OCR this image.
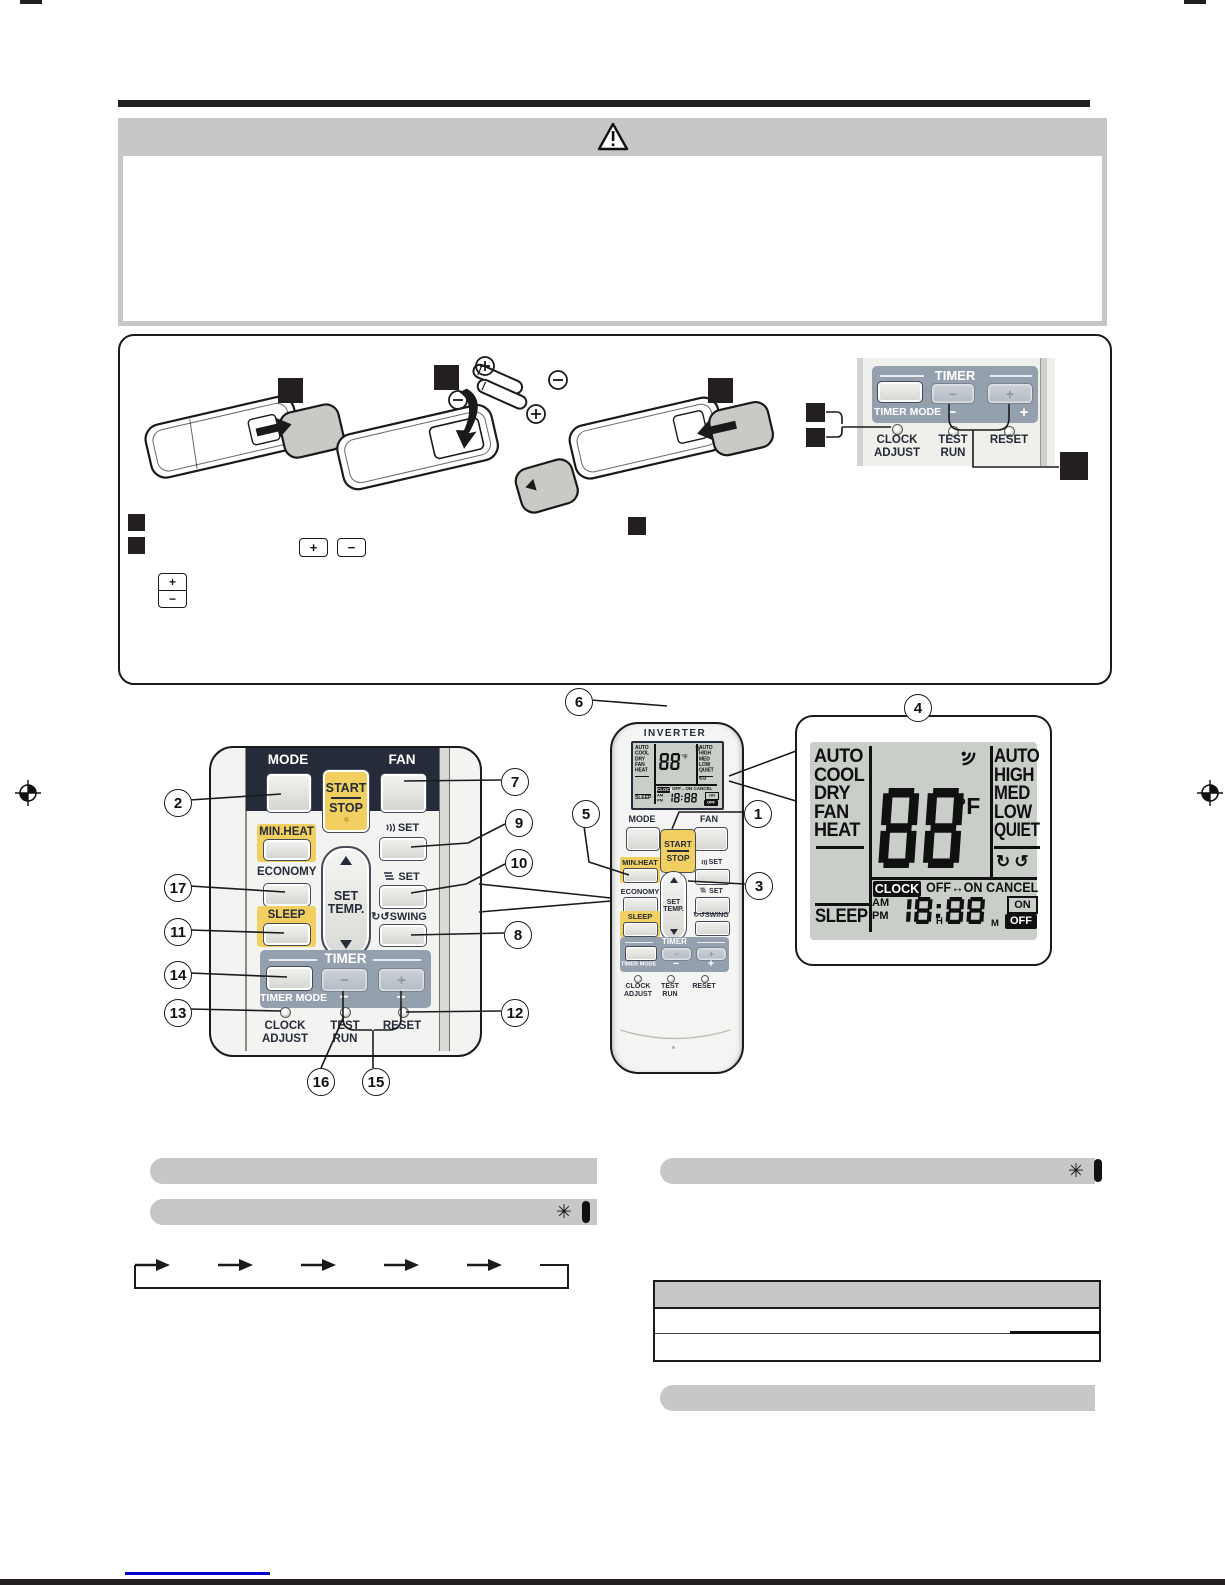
TIMER
−	+
TIMER MODE −	+
CLOCK
ADJUST
TEST
RUN
RESET
+ −
+
−
MODE	FAN
START
STOP
MIN.HEAT
ECONOMY
SLEEP
SET
TEMP.
SET
SET
↻↺SWING
TIMER
−	+
TIMER MODE −	+
CLOCK
ADJUST
TEST
RUN
RESET
2
17
11
14
13
7
9
10
8
12
16	15
6
5	1
3
4
INVERTER
AUTO
COOL
DRY
FAN
HEAT
SLEEP
°F
AUTO
HIGH
MED
LOW
QUIET
↻↺
CLOCK OFF↔ON CANCEL
AM
PM
ON
OFF
MODE	FAN
START
STOP
MIN.HEAT
ECONOMY
SLEEP
SET
TEMP.
SET
SET
↻↺SWING
TIMER
−	+
TIMER MODE	−	+
CLOCK
ADJUST
TEST
RUN
RESET
AUTO
COOL
DRY
FAN
HEAT
SLEEP
°F
AUTO
HIGH
MED
LOW
QUIET
↻↺
CLOCK OFF↔ON CANCEL
AM
PM	H	M
ON
OFF
✳
✳
